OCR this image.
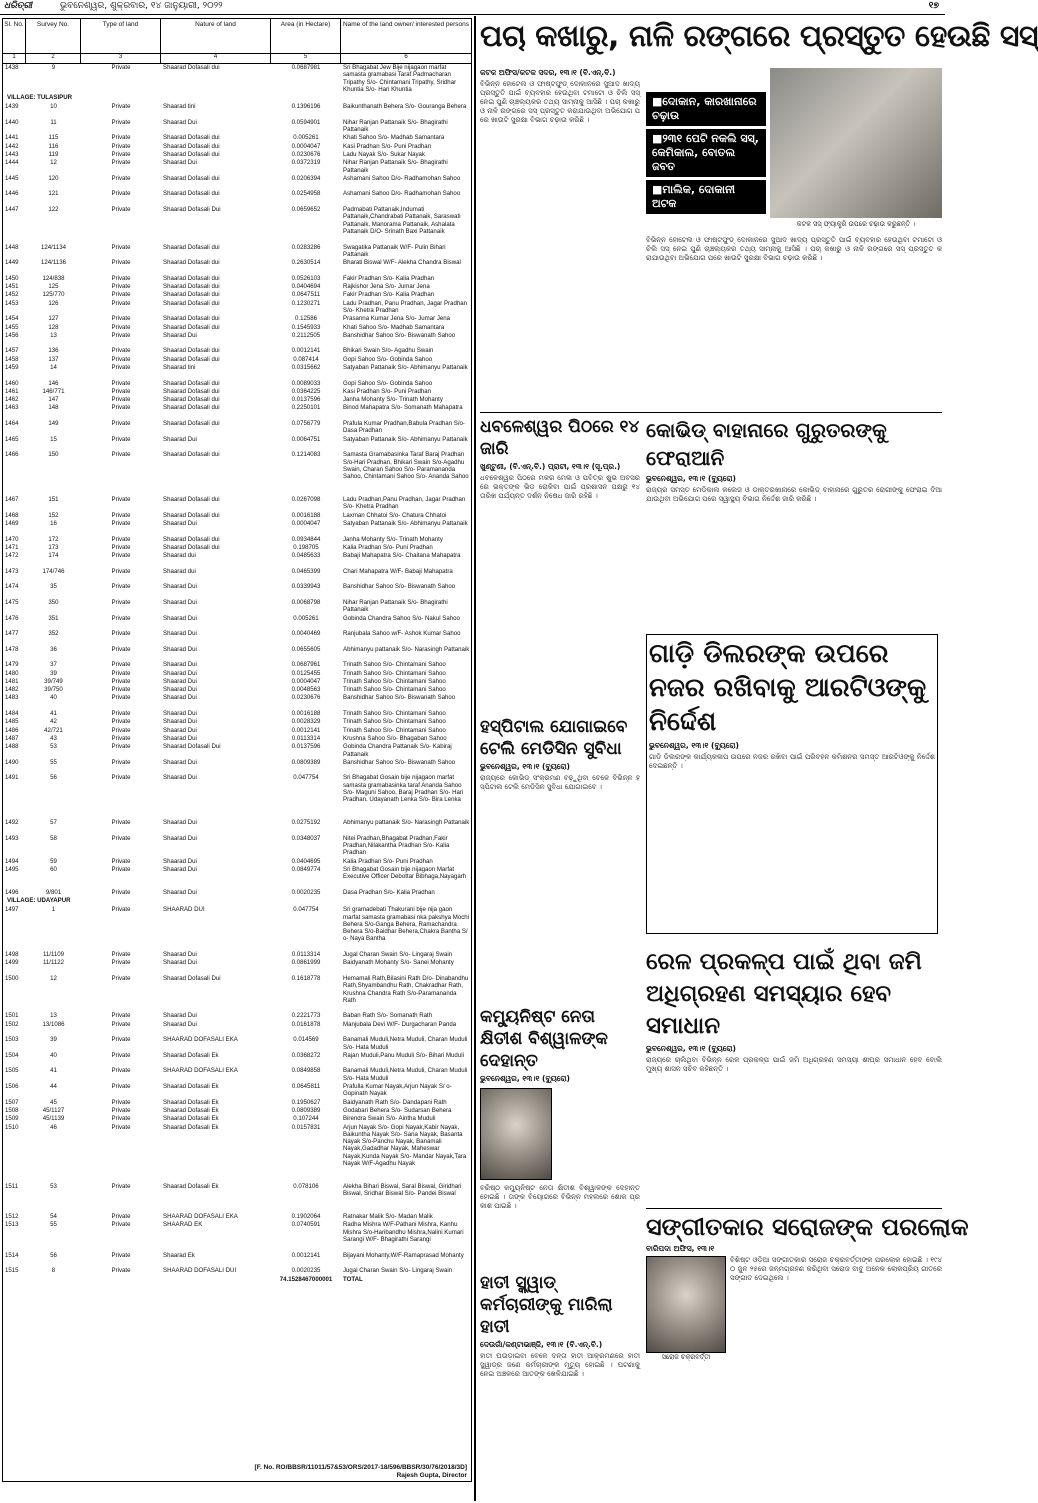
ଧରିତ୍ରୀ	ଭୁବନେଶ୍ୱର, ଶୁକ୍ରବାର, ୧୪ ଜାନୁୟାରୀ, ୨୦୨୨	୧୭
Sl. No.	Survey No.	Type of land	Nature of land	Area (in Hectare)	Name of the land owner/ interested persons
1	2	3	4	5	6
1438	9	Private	Shaarad Dofasali dui	0.0687981	Sri Bhagabat Jew Bije nijagaon marfat samasta gramabasi Taraf Padmacharan Tripathy S/o- Chintamani Tripathy, Sridhar Khuntia S/o- Hari Khuntia
VILLAGE: TULASIPUR
1439	10	Private	Shaarad tini	0.1396196	Baikunthanath Behera S/o- Gouranga Behera
1440	11	Private	Shaarad Dui	0.0594901	Nihar Ranjan Pattanaik S/o- Bhagirathi Pattanaik
1441	115	Private	Shaarad Dofasali dui	0.005261	Khati Sahoo S/o- Madhab Samantara
1442	116	Private	Shaarad Dofasali dui	0.0004047	Kasi Pradhan S/o- Puni Pradhan
1443	119	Private	Shaarad Dofasali dui	0.0230676	Ladu Nayak S/o- Sukar Nayak
1444	12	Private	Shaarad Dui	0.0372319	Nihar Ranjan Pattanaik S/o- Bhagirathi Pattanaik
1445	120	Private	Shaarad Dofasali dui	0.0206394	Ashamani Sahoo D/o- Radhamohan Sahoo
1446	121	Private	Shaarad Dofasali dui	0.0254958	Ashamani Sahoo D/o- Radhamohan Sahoo
1447	122	Private	Shaarad Dofasali Dui	0.0659652	Padmabati Pattanaik,Indumati Pattanaik,Chandrabati Pattanaik, Saraswati Pattanaik, Manorama Pattanaik, Ashalata Pattanaik D/O- Srinath Baxi Pattanaik
1448	124/1134	Private	Shaarad Dofasali dui	0.0283286	Swagatika Pattanaik W/F- Pulin Bihari Pattanaik
1449	124/1136	Private	Shaarad Dofasali dui	0.2630514	Bharati Biswal W/F- Alekha Chandra Biswal
1450	124/838	Private	Shaarad Dofasali dui	0.0526103	Fakir Pradhan S/o- Kalia Pradhan
1451	125	Private	Shaarad Dofasali dui	0.0404694	Rajkishor Jena S/o- Jumar Jena
1452	125/770	Private	Shaarad Dofasali dui	0.0647511	Fakir Pradhan S/o- Kalia Pradhan
1453	126	Private	Shaarad Dofasali dui	0.1230271	Ladu Pradhan, Panu Pradhan, Jagar Pradhan S/o- Khetra Pradhan
1454	127	Private	Shaarad Dofasali dui	0.12586	Prasanna Kumar Jena S/o- Jumar Jena
1455	128	Private	Shaarad Dofasali dui	0.1545933	Khati Sahoo S/o- Madhab Samantara
1456	13	Private	Shaarad Dui	0.2112505	Banshidhar Sahoo S/o- Biswanath Sahoo
1457	136	Private	Shaarad Dofasali dui	0.0012141	Bhikari Swain S/o- Agadhu Swain
1458	137	Private	Shaarad Dofasali dui	0.087414	Gopi Sahoo S/o- Gobinda Sahoo
1459	14	Private	Shaarad tini	0.0315662	Satyaban Pattanaik S/o- Abhimanyu Pattanaik
1460	146	Private	Shaarad Dofasali dui	0.0089033	Gopi Sahoo S/o- Gobinda Sahoo
1461	146/771	Private	Shaarad Dofasali dui	0.0364225	Kasi Pradhan S/o- Puni Pradhan
1462	147	Private	Shaarad Dofasali dui	0.0137596	Janha Mohanty S/o- Trinath Mohanty
1463	148	Private	Shaarad Dofasali dui	0.2250101	Binod Mahapatra S/o- Somanath Mahapatra
1464	149	Private	Shaarad Dofasali dui	0.0756779	Prafula Kumar Pradhan,Babula Pradhan S/o- Dasa Pradhan
1465	15	Private	Shaarad Dui	0.0064751	Satyaban Pattanaik S/o- Abhimanyu Pattanaik
1466	150	Private	Shaarad Dofasali dui	0.1214083	Samasta Gramabasinka Taraf Baraj Pradhan S/o-Hari Pradhan, Bhikari Swain S/o-Agadhu Swain, Charan Sahoo S/o- Paramananda Sahoo, Chintamani Sahoo S/o- Ananda Sahoo
1467	151	Private	Shaarad Dofasali dui	0.0267098	Ladu Pradhan,Panu Pradhan, Jagar Pradhan S/o- Khetra Pradhan
1468	152	Private	Shaarad Dofasali dui	0.0016188	Laxman Chhatoi S/o- Chatura Chhatoi
1469	16	Private	Shaarad Dui	0.0004047	Satyaban Pattanaik S/o- Abhimanyu Pattanaik
1470	172	Private	Shaarad Dofasali dui	0.0934844	Janha Mohanty S/o- Trinath Mohanty
1471	173	Private	Shaarad Dofasali dui	0.198705	Kalia Pradhan S/o- Puni Pradhan
1472	174	Private	Shaarad dui	0.0485633	Babaji Mahapatra S/o- Chaitana Mahapatra
1473	174/746	Private	Shaarad dui	0.0465399	Chari Mahapatra W/F- Babaji Mahapatra
1474	35	Private	Shaarad Dui	0.0339943	Banshidhar Sahoo S/o- Biswanath Sahoo
1475	350	Private	Shaarad Dui	0.0068798	Nihar Ranjan Pattanaik S/o- Bhagirathi Pattanaik
1476	351	Private	Shaarad Dui	0.005261	Gobinda Chandra Sahoo S/o- Nakul Sahoo
1477	352	Private	Shaarad Dui	0.0040469	Ranjubala Sahoo w/F- Ashok Kumar Sahoo
1478	36	Private	Shaarad Dui	0.0655605	Abhimanyu pattanaik S/o- Narasingh Pattanaik
1479	37	Private	Shaarad Dui	0.0687961	Trinath Sahoo S/o- Chintamani Sahoo
1480	39	Private	Shaarad Dui	0.0125455	Trinath Sahoo S/o- Chintamani Sahoo
1481	39/749	Private	Shaarad Dui	0.0004047	Trinath Sahoo S/o- Chintamani Sahoo
1482	39/750	Private	Shaarad Dui	0.0048563	Trinath Sahoo S/o- Chintamani Sahoo
1483	40	Private	Shaarad Dui	0.0230676	Banshidhar Sahoo S/o- Biswanath Sahoo
1484	41	Private	Shaarad Dui	0.0016188	Trinath Sahoo S/o- Chintamani Sahoo
1485	42	Private	Shaarad Dui	0.0028329	Trinath Sahoo S/o- Chintamani Sahoo
1486	42/721	Private	Shaarad Dui	0.0012141	Trinath Sahoo S/o- Chintamani Sahoo
1487	43	Private	Shaarad Dui	0.0113314	Krushna Sahoo S/o- Bhagaban Sahoo
1488	53	Private	Shaarad Dofasali Dui	0.0137596	Gobinda Chandra Pattanaik S/o- Kabiraj Pattanaik
1490	55	Private	Shaarad Dui	0.0809389	Banshidhar Sahoo S/o- Biswanath Sahoo
1491	56	Private	Shaarad Dui	0.047754	Sri Bhagabat Gosain bije nijagaon marfat samasta gramabasinka taraf Ananda Sahoo S/o- Maguni Sahoo, Baraj Pradhan S/o- Hari Pradhan, Udayanath Lenka S/o- Bira Lenka
1492	57	Private	Shaarad Dui	0.0275192	Abhimanyu pattanaik S/o- Narasingh Pattanaik
1493	58	Private	Shaarad Dui	0.0348037	Nitei Pradhan,Bhagabat Pradhan,Fakir Pradhan,Nilakantha Pradhan S/o- Kalia Pradhan
1494	59	Private	Shaarad Dui	0.0404695	Kalia Pradhan S/o- Puni Pradhan
1495	60	Private	Shaarad Dui	0.0849774	Sri Bhagabat Gosain bije nijagaon Marfat Executive Officer Debottar Bibhaga,Nayagarh
1496	9/801	Private	Shaarad Dui	0.0020235	Dasa Pradhan S/o- Kalia Pradhan
VILLAGE: UDAYAPUR
1497	1	Private	SHAARAD DUI	0.047754	Sri gramadebati Thakurani bije nija gaon marfat samasta gramabasi nka pakshya Mochi Behera S/o-Ganga Behera, Ramachandra Behera S/o-Baidhar Behera,Chakra Bantha S/ o- Naya Bantha
1498	11/1109	Private	Shaarad Dui	0.0113314	Jugal Charan Swain S/o- Lingaraj Swain
1499	11/1122	Private	Shaarad Dui	0.0861999	Baidyanath Mohanty S/o- Sanei Mohanty
1500	12	Private	Shaarad Dofasali Dui	0.1618778	Hemamali Rath,Bilasini Rath D/o- Dinabandhu Rath,Shyambandhu Rath, Chakradhar Rath, Krushna Chandra Rath S/o-Paramananda Rath
1501	13	Private	Shaarad Dui	0.2221773	Baban Rath S/o- Somanath Rath
1502	13/1086	Private	Shaarad Dui	0.0161878	Manjubala Devi W/F- Durgacharan Panda
1503	39	Private	SHAARAD DOFASALI EKA	0.014569	Banamali Muduli,Netra Muduli, Charan Muduli S/o- Hata Muduli
1504	40	Private	Shaarad Dofasali Ek	0.0368272	Rajan Muduli,Panu Muduli S/o- Bihari Muduli
1505	41	Private	SHAARAD DOFASALI EKA	0.0849858	Banamali Muduli,Netra Muduli, Charan Muduli S/o- Hata Muduli
1506	44	Private	Shaarad Dofasali Ek	0.0645811	Prafulla Kumar Nayak,Arjun Nayak S/ o- Gopinath Nayak
1507	45	Private	Shaarad Dofasali Ek	0.1950627	Baidyanath Rath S/o- Dandapani Rath
1508	45/1127	Private	Shaarad Dofasali Ek	0.0809389	Godabari Behera S/o- Sudarsan Behera
1509	45/1139	Private	Shaarad Dofasali Ek	0.107244	Birendra Swain S/o- Aintha Muduli
1510	46	Private	Shaarad Dofasali Ek	0.0157831	Arjun Nayak S/o- Gopi Nayak,Kabir Nayak, Baikuntha Nayak S/o- Sana Nayak, Basanta Nayak S/o-Panchu Nayak, Banamali Nayak,Gadadhar Nayak, Maheswar Nayak,Kunda Nayak S/o- Mandar Nayak,Tara Nayak W/F-Agadhu Nayak
1511	53	Private	Shaarad Dofasali Ek	0.078106	Alekha Bihari Biswal, Saral Biswal, Giridhari Biswal, Sridhar Biswal S/o- Pandei Biswal
1512	54	Private	SHAARAD DOFASALI EKA	0.1902064	Ratnakar Malik S/o- Madan Malik
1513	55	Private	SHAARAD EK	0.0740591	Radha Mishra W/F-Pathani Mishra, Kanhu Mishra S/o-Haribandhu Mishra,Nalini Kumari Sarangi W/F- Bhagirathi Sarangi
1514	56	Private	Shaarad Ek	0.0012141	Bijayani Mohanty,W/F-Ramaprasad Mohanty
1515	8	Private	SHAARAD DOFASALI DUI	0.0020235	Jugal Charan Swain S/o- Lingaraj Swain
74.1528467000001	TOTAL
[F. No. RO/BBSR/11011/57&53/ORS/2017-18/596/BBSR/30/76/2018/3D]
Rajesh Gupta, Director
ପଚା କଖାରୁ, ନାଳି ରଙ୍ଗରେ ପ୍ରସ୍ତୁତ ହେଉଛି ସସ୍‌
କଟକ ଅଫିସ/କଟକ ସଦର, ୧୩।୧ (ବି.ଏନ୍‌.ବି.)
ବିଭିନ୍ନ ହୋଟେଲ ଓ ଫାଷ୍ଟଫୁଡ୍‌ ଦୋକାନରେ ସୁଆଦ ଖାଦ୍ୟ ପ୍ରସ୍ତୁତି ପାଇଁ ବ୍ୟବହାର ହେଉଥିବା ଟମାଟୋ ଓ ଚିଲି ସସ୍‌ ନେଇ ପୁଣି ଚାଞ୍ଚଲ୍ୟକର ତଥ୍ୟ ସାମ୍ନାକୁ ଆସିଛି । ପଚା କଖାରୁ ଓ ନାଳି ରଙ୍ଗରେ ସସ୍‌ ପ୍ରସ୍ତୁତ କରାଯାଉଥିବା ଅଭିଯୋଗ ପରେ ଖାଉଟି ସୁରକ୍ଷା ବିଭାଗ ଚଢ଼ାଉ କରିଛି ।
■ଦୋକାନ, କାରଖାନାରେ ଚଢ଼ାଉ
■୨୩୧ ପେଟି ନକଲି ସସ୍‌, କେମିକାଲ, ବୋତଲ ଜବତ
■ମାଲିକ, ଦୋକାନୀ ଅଟକ
କଟକ ସସ୍‌ ଫ୍ୟାକ୍ଟ୍ରି ଉପରେ ଚଢ଼ାଉ କରୁଛନ୍ତି ।
ବିଭିନ୍ନ ହୋଟେଲ ଓ ଫାଷ୍ଟଫୁଡ୍‌ ଦୋକାନରେ ସୁଆଦ ଖାଦ୍ୟ ପ୍ରସ୍ତୁତି ପାଇଁ ବ୍ୟବହାର ହେଉଥିବା ଟମାଟୋ ଓ ଚିଲି ସସ୍‌ ନେଇ ପୁଣି ଚାଞ୍ଚଲ୍ୟକର ତଥ୍ୟ ସାମ୍ନାକୁ ଆସିଛି । ପଚା କଖାରୁ ଓ ନାଳି ରଙ୍ଗରେ ସସ୍‌ ପ୍ରସ୍ତୁତ କରାଯାଉଥିବା ଅଭିଯୋଗ ପରେ ଖାଉଟି ସୁରକ୍ଷା ବିଭାଗ ଚଢ଼ାଉ କରିଛି ।
ଧବଳେଶ୍ୱର ପିଠରେ ୧୪ ଜାରି
ଖୁଣ୍ଟୁଣୀ, (ବି.ଏନ୍‌.ବି.) ପ୍ରାଚୀ, ୧୩।୧ (ସୂ.ପ୍ର.)
ଧବଳେଶ୍ୱର ପିଠରେ ମକର ମେଳା ଓ ପବିତ୍ର ଶୁଭ ଅବସରରେ ଭକ୍ତଙ୍କ ଭିଡ଼ ରୋକିବା ପାଇଁ ପ୍ରଶାସନ ପକ୍ଷରୁ ୧୪ ତାରିଖ ପର୍ଯ୍ୟନ୍ତ ଦର୍ଶନ ନିଷେଧ ଜାରି ରହିଛି ।
କୋଭିଡ୍‌ ବାହାନାରେ ଗୁରୁତରଙ୍କୁ ଫେରାଆନି
ଭୁବନେଶ୍ୱର, ୧୩।୧ (ବ୍ୟୁରୋ)
ରାଜ୍ୟର ସମସ୍ତ ମେଡିକାଲ କଲେଜ ଓ ଡାକ୍ତରଖାନାରେ କୋଭିଡ୍‌ ବାହାନାରେ ଗୁରୁତର ରୋଗୀଙ୍କୁ ଫେରାଇ ଦିଆଯାଉଥିବା ଅଭିଯୋଗ ପରେ ସ୍ୱାସ୍ଥ୍ୟ ବିଭାଗ ନିର୍ଦ୍ଦେଶ ଜାରି କରିଛି ।
ହସ୍ପିଟାଲ ଯୋଗାଇବେ ଟେଲି ମେଡିସିନ ସୁବିଧା
ଭୁବନେଶ୍ୱର, ୧୩।୧ (ବ୍ୟୁରୋ)
ରାଜ୍ୟରେ କୋଭିଡ୍‌ ସଂକ୍ରମଣ ବଢ଼ୁଥିବା ବେଳେ ବିଭିନ୍ନ ହସ୍ପିଟାଲ ଟେଲି ମେଡିସିନ ସୁବିଧା ଯୋଗାଇବେ ।
ଗାଡ଼ି ଡିଲରଙ୍କ ଉପରେ ନଜର ରଖିବାକୁ ଆରଟିଓଙ୍କୁ ନିର୍ଦ୍ଦେଶ
ଭୁବନେଶ୍ୱର, ୧୩।୧ (ବ୍ୟୁରୋ)
ଗାଡ଼ି ଡିଲରଙ୍କ କାର୍ଯ୍ୟକଳାପ ଉପରେ ନଜର ରଖିବା ପାଇଁ ପରିବହନ କମିଶନର ସମସ୍ତ ଆରଟିଓଙ୍କୁ ନିର୍ଦ୍ଦେଶ ଦେଇଛନ୍ତି ।
ରେଳ ପ୍ରକଳ୍ପ ପାଇଁ ଥିବା ଜମି ଅଧିଗ୍ରହଣ ସମସ୍ୟାର ହେବ ସମାଧାନ
ଭୁବନେଶ୍ୱର, ୧୩।୧ (ବ୍ୟୁରୋ)
ରାଜ୍ୟରେ ଚାଲିଥିବା ବିଭିନ୍ନ ରେଳ ପ୍ରକଳ୍ପ ପାଇଁ ଜମି ଅଧିଗ୍ରହଣ ସମସ୍ୟା ଶୀଘ୍ର ସମାଧାନ ହେବ ବୋଲି ମୁଖ୍ୟ ଶାସନ ସଚିବ କହିଛନ୍ତି ।
କମ୍ୟୁନିଷ୍ଟ ନେତା କ୍ଷିତୀଶ ବିଶ୍ୱାଳଙ୍କ ଦେହାନ୍ତ
ଭୁବନେଶ୍ୱର, ୧୩।୧ (ବ୍ୟୁରୋ)
ବରିଷ୍ଠ କମ୍ୟୁନିଷ୍ଟ ନେତା କ୍ଷିତୀଶ ବିଶ୍ୱାଳଙ୍କ ଦେହାନ୍ତ ହୋଇଛି । ତାଙ୍କ ବିୟୋଗରେ ବିଭିନ୍ନ ମହଲରେ ଶୋକ ପ୍ରକାଶ ପାଇଛି ।
ସଙ୍ଗୀତକାର ସରୋଜଙ୍କ ପରଲୋକ
ବାରିପଦା ଅଫିସ, ୧୩।୧
ସରୋଜ ଚକ୍ରବର୍ତ୍ତୀ
ବିଶିଷ୍ଟ ଓଡ଼ିଆ ସଙ୍ଗୀତକାର ସରୋଜ ଚକ୍ରବର୍ତ୍ତୀଙ୍କ ପରଲୋକ ହୋଇଛି । ୧୯୪୦ ଜୁନ ୨୫ରେ ଜନ୍ମଗ୍ରହଣ କରିଥିବା ସରୋଜ ବାବୁ ଅନେକ ଲୋକପ୍ରିୟ ଗୀତରେ ସଙ୍ଗୀତ ଦେଇଥିଲେ ।
ହାତୀ ସ୍କ୍ୱାଡ୍‌ କର୍ମଚାରୀଙ୍କୁ ମାରିଲା ହାତୀ
ଦେଉଗାଁ/କଣ୍ଟାଭାଞ୍ଜି, ୧୩।୧ (ବି.ଏନ୍‌.ବି.)
ହାତୀ ଘଉଡ଼ାଇବା ବେଳେ ଦନ୍ତା ହାତୀ ଆକ୍ରମଣରେ ହାତୀ ସ୍କ୍ୱାଡ୍‌ର ଜଣେ କର୍ମଚାରୀଙ୍କ ମୃତ୍ୟୁ ହୋଇଛି । ଘଟଣାକୁ ନେଇ ଅଞ୍ଚଳରେ ଆତଙ୍କ ଖେଳିଯାଇଛି ।
